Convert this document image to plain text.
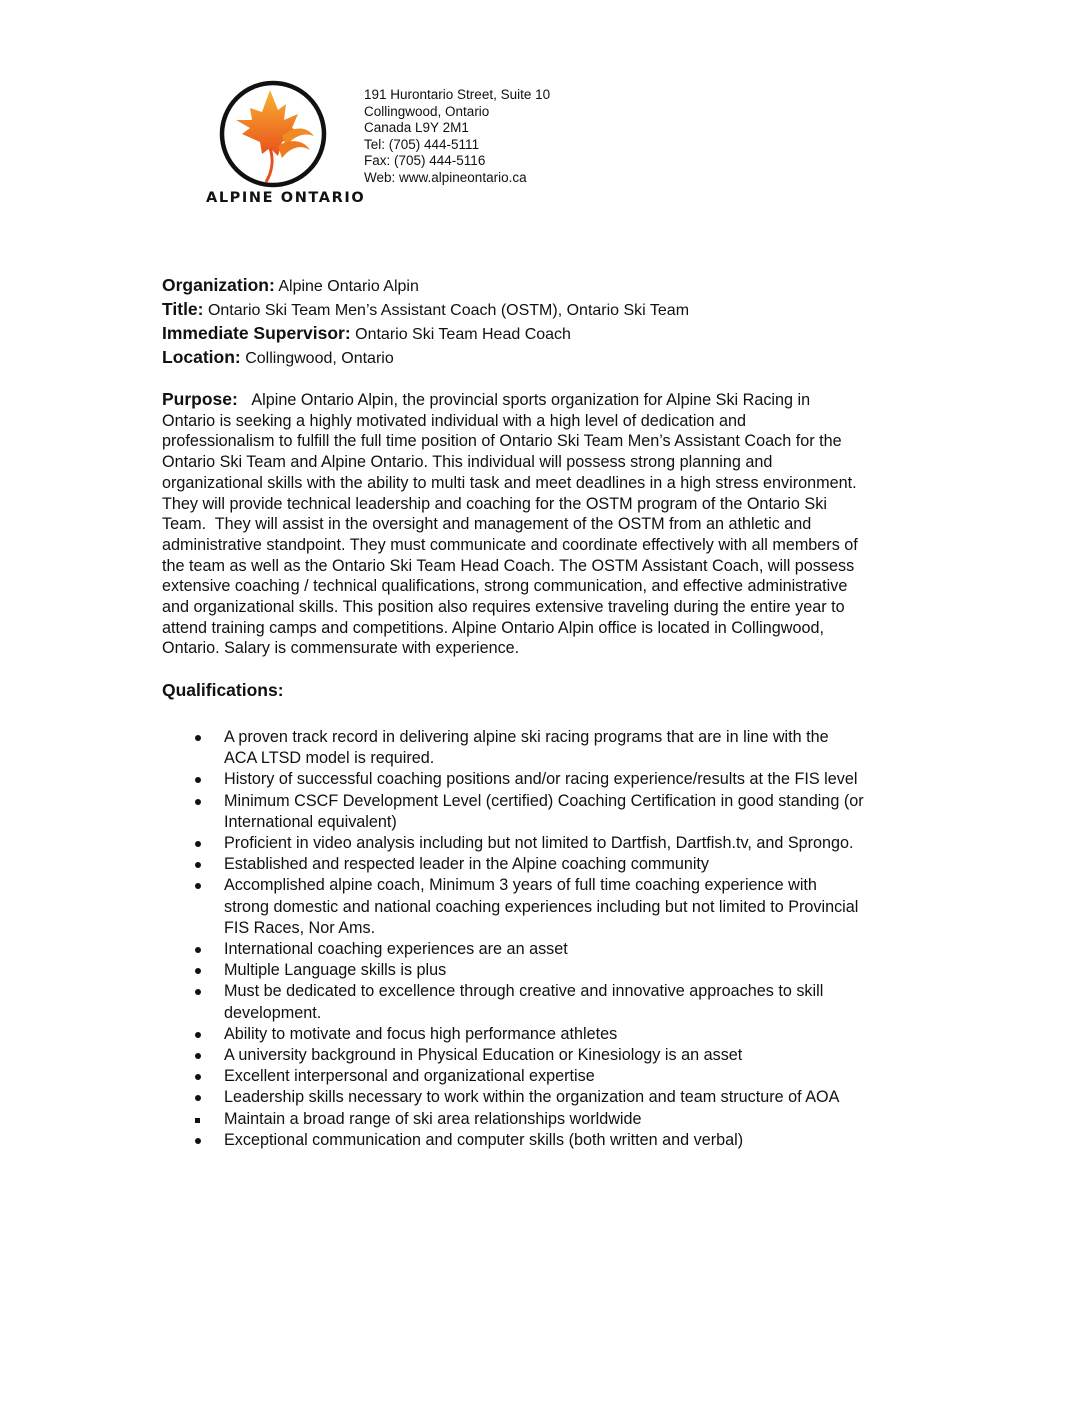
ALPINE ONTARIO
191 Hurontario Street, Suite 10
Collingwood, Ontario
Canada L9Y 2M1
Tel: (705) 444-5111
Fax: (705) 444-5116
Web: www.alpineontario.ca
Organization: Alpine Ontario Alpin
Title: Ontario Ski Team Men’s Assistant Coach (OSTM), Ontario Ski Team
Immediate Supervisor: Ontario Ski Team Head Coach
Location: Collingwood, Ontario
Purpose: Alpine Ontario Alpin, the provincial sports organization for Alpine Ski Racing in
Ontario is seeking a highly motivated individual with a high level of dedication and
professionalism to fulfill the full time position of Ontario Ski Team Men’s Assistant Coach for the
Ontario Ski Team and Alpine Ontario. This individual will possess strong planning and
organizational skills with the ability to multi task and meet deadlines in a high stress environment.
They will provide technical leadership and coaching for the OSTM program of the Ontario Ski
Team.  They will assist in the oversight and management of the OSTM from an athletic and
administrative standpoint. They must communicate and coordinate effectively with all members of
the team as well as the Ontario Ski Team Head Coach. The OSTM Assistant Coach, will possess
extensive coaching / technical qualifications, strong communication, and effective administrative
and organizational skills. This position also requires extensive traveling during the entire year to
attend training camps and competitions. Alpine Ontario Alpin office is located in Collingwood,
Ontario. Salary is commensurate with experience.
Qualifications:
A proven track record in delivering alpine ski racing programs that are in line with the
ACA LTSD model is required.
History of successful coaching positions and/or racing experience/results at the FIS level
Minimum CSCF Development Level (certified) Coaching Certification in good standing (or
International equivalent)
Proficient in video analysis including but not limited to Dartfish, Dartfish.tv, and Sprongo.
Established and respected leader in the Alpine coaching community
Accomplished alpine coach, Minimum 3 years of full time coaching experience with
strong domestic and national coaching experiences including but not limited to Provincial
FIS Races, Nor Ams.
International coaching experiences are an asset
Multiple Language skills is plus
Must be dedicated to excellence through creative and innovative approaches to skill
development.
Ability to motivate and focus high performance athletes
A university background in Physical Education or Kinesiology is an asset
Excellent interpersonal and organizational expertise
Leadership skills necessary to work within the organization and team structure of AOA
Maintain a broad range of ski area relationships worldwide
Exceptional communication and computer skills (both written and verbal)
